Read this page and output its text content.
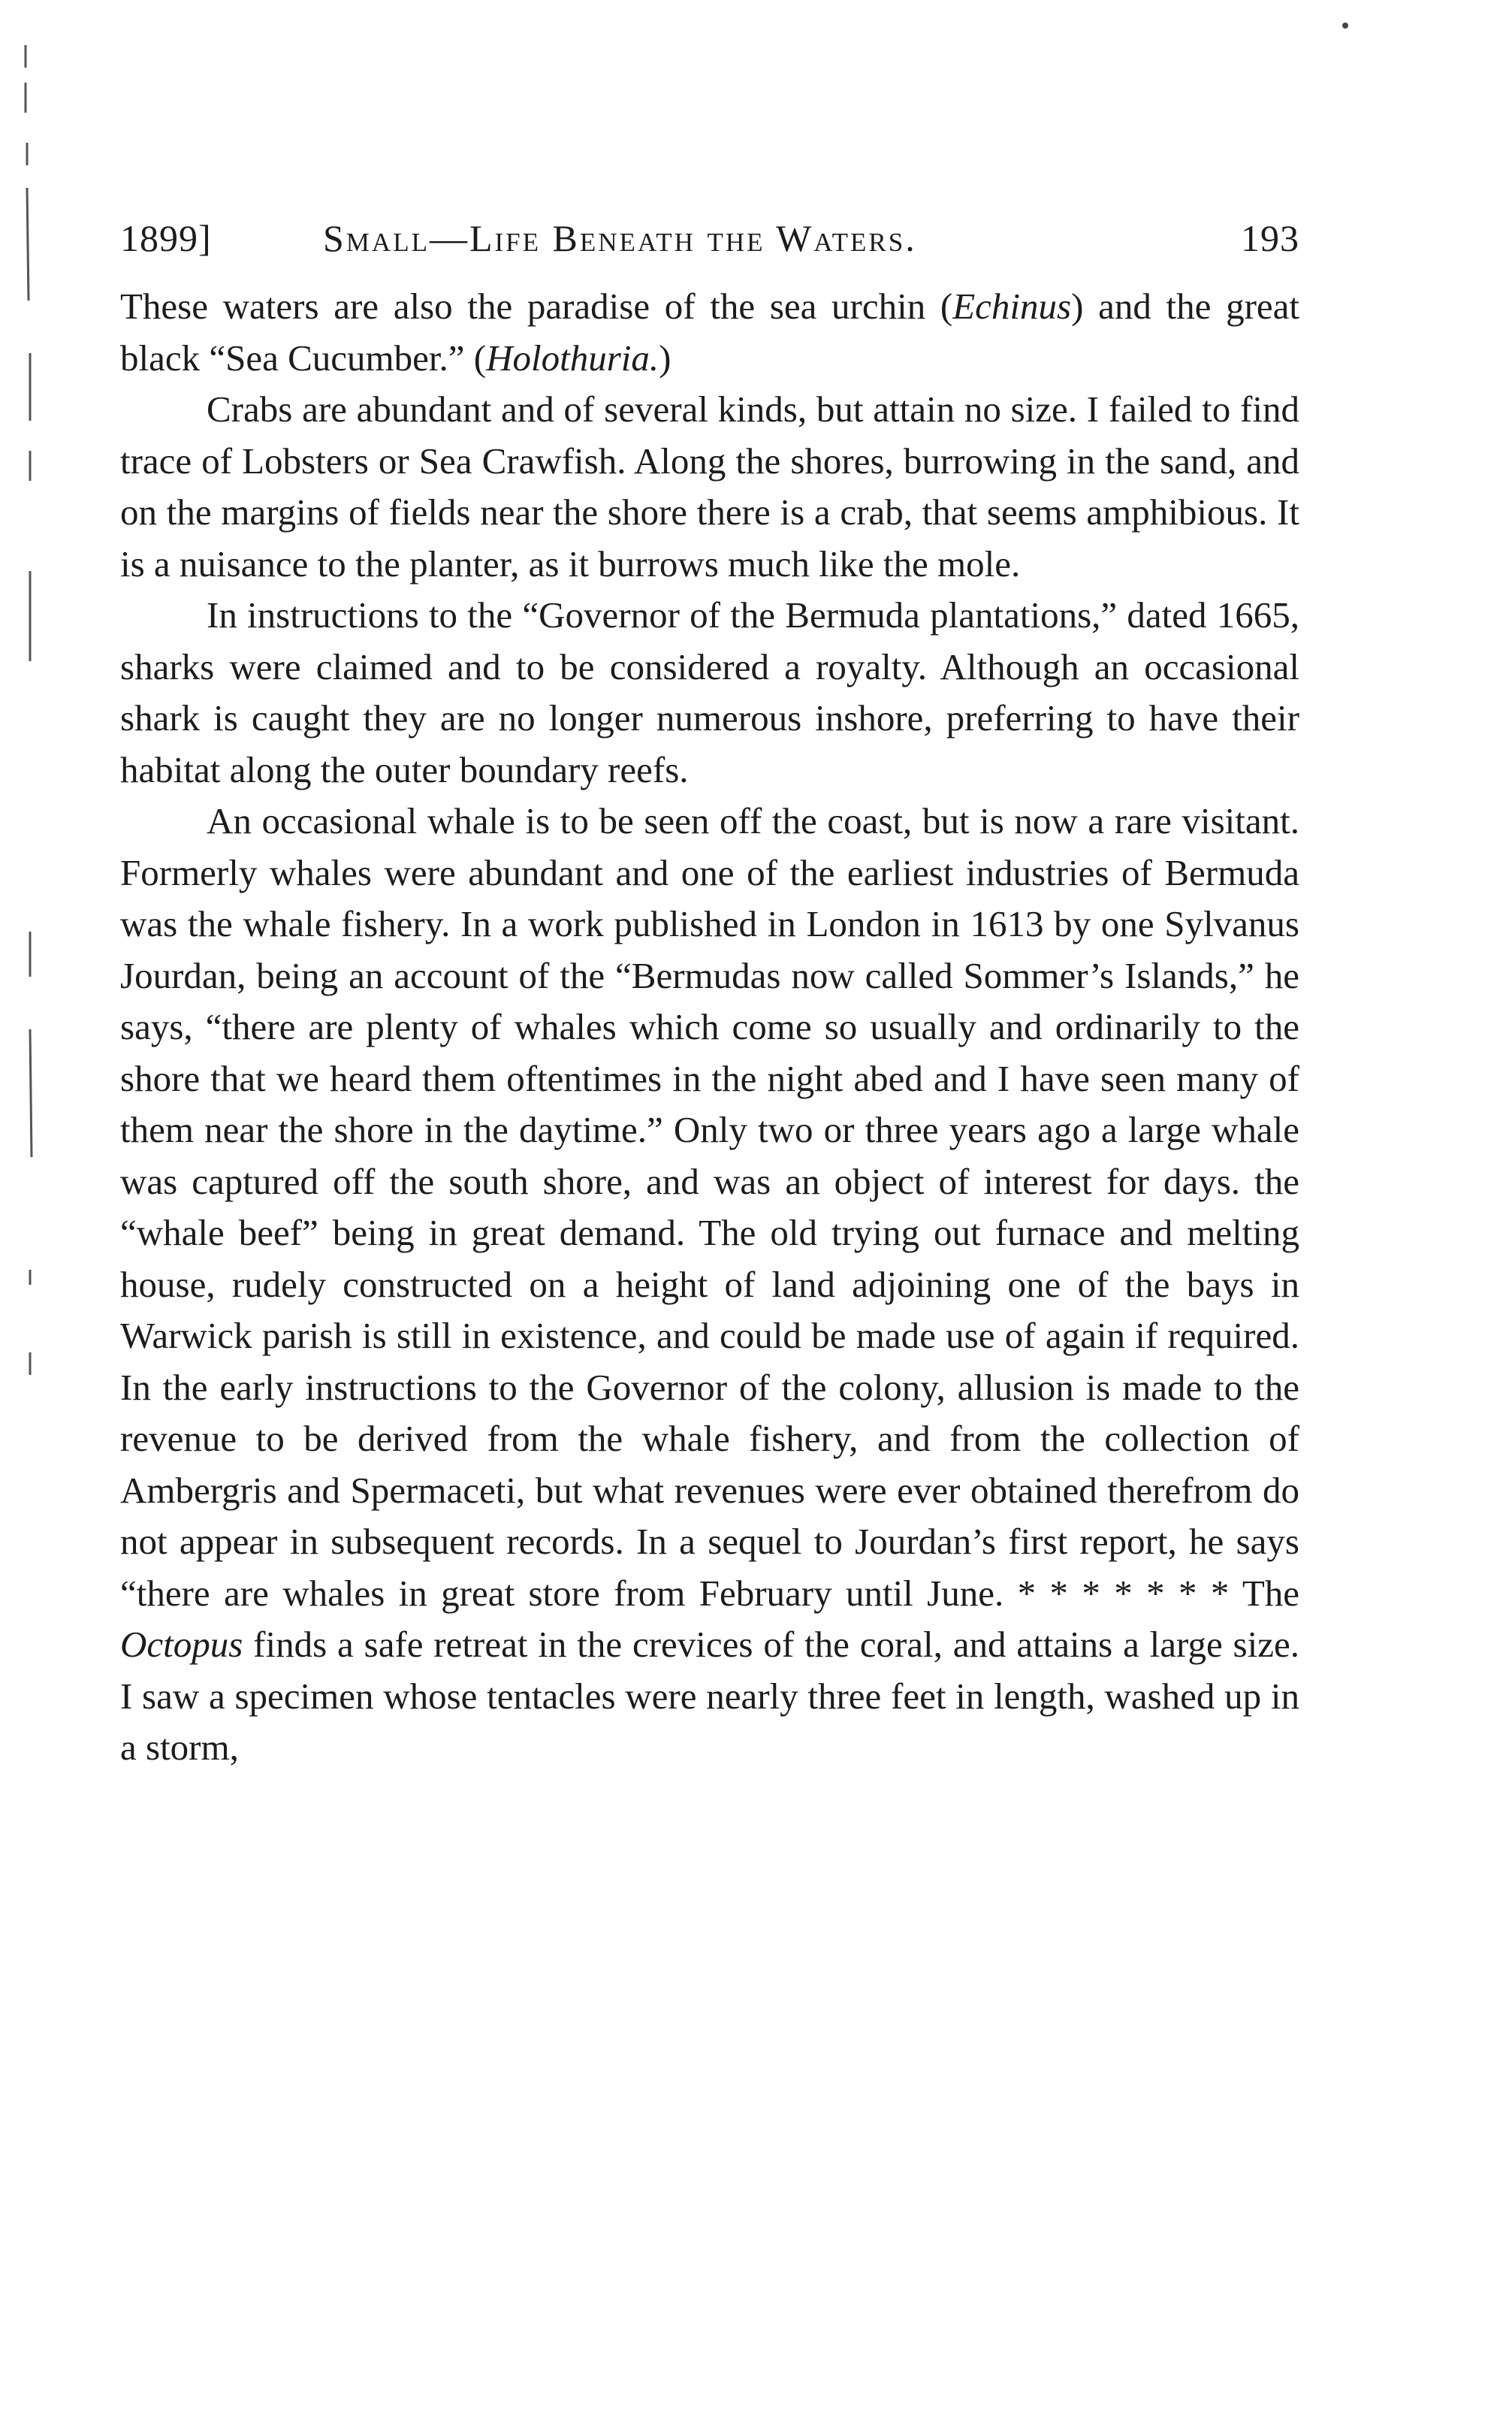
1899]	Small—Life Beneath the Waters.	193

These waters are also the paradise of the sea urchin (Echinus) and the great black “Sea Cucumber.” (Holothuria.)

Crabs are abundant and of several kinds, but attain no size. I failed to find trace of Lobsters or Sea Crawfish. Along the shores, burrowing in the sand, and on the margins of fields near the shore there is a crab, that seems amphibious. It is a nuisance to the planter, as it burrows much like the mole.

In instructions to the “Governor of the Bermuda plantations,” dated 1665, sharks were claimed and to be considered a royalty. Although an occasional shark is caught they are no longer numerous inshore, preferring to have their habitat along the outer boundary reefs.

An occasional whale is to be seen off the coast, but is now a rare visitant. Formerly whales were abundant and one of the earliest industries of Bermuda was the whale fishery. In a work published in London in 1613 by one Sylvanus Jourdan, being an account of the “Bermudas now called Sommer’s Islands,” he says, “there are plenty of whales which come so usually and ordinarily to the shore that we heard them oftentimes in the night abed and I have seen many of them near the shore in the daytime.” Only two or three years ago a large whale was captured off the south shore, and was an object of interest for days. the “whale beef” being in great demand. The old trying out furnace and melting house, rudely constructed on a height of land adjoining one of the bays in Warwick parish is still in existence, and could be made use of again if required. In the early instructions to the Governor of the colony, allusion is made to the revenue to be derived from the whale fishery, and from the collection of Ambergris and Spermaceti, but what revenues were ever obtained therefrom do not appear in subsequent records. In a sequel to Jourdan’s first report, he says “there are whales in great store from February until June. * * * * * * * The Octopus finds a safe retreat in the crevices of the coral, and attains a large size. I saw a specimen whose tentacles were nearly three feet in length, washed up in a storm,
